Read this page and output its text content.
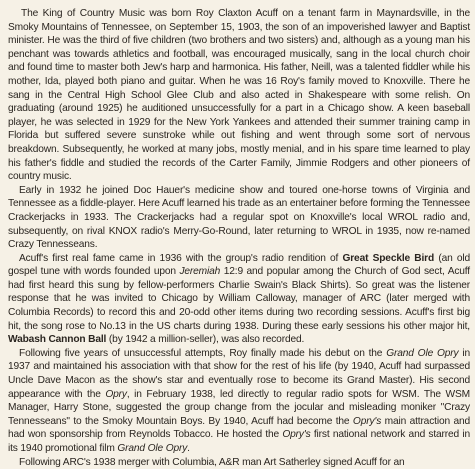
The King of Country Music was born Roy Claxton Acuff on a tenant farm in Maynardsville, in the Smoky Mountains of Tennessee, on September 15, 1903, the son of an impoverished lawyer and Baptist minister. He was the third of five children (two brothers and two sisters) and, although as a young man his penchant was towards athletics and football, was encouraged musically, sang in the local church choir and found time to master both Jew's harp and harmonica. His father, Neill, was a talented fiddler while his mother, Ida, played both piano and guitar. When he was 16 Roy's family moved to Knoxville. There he sang in the Central High School Glee Club and also acted in Shakespeare with some relish. On graduating (around 1925) he auditioned unsuccessfully for a part in a Chicago show. A keen baseball player, he was selected in 1929 for the New York Yankees and attended their summer training camp in Florida but suffered severe sunstroke while out fishing and went through some sort of nervous breakdown. Subsequently, he worked at many jobs, mostly menial, and in his spare time learned to play his father's fiddle and studied the records of the Carter Family, Jimmie Rodgers and other pioneers of country music.

Early in 1932 he joined Doc Hauer's medicine show and toured one-horse towns of Virginia and Tennessee as a fiddle-player. Here Acuff learned his trade as an entertainer before forming the Tennessee Crackerjacks in 1933. The Crackerjacks had a regular spot on Knoxville's local WROL radio and, subsequently, on rival KNOX radio's Merry-Go-Round, later returning to WROL in 1935, now re-named Crazy Tennesseans.

Acuff's first real fame came in 1936 with the group's radio rendition of Great Speckle Bird (an old gospel tune with words founded upon Jeremiah 12:9 and popular among the Church of God sect, Acuff had first heard this sung by fellow-performers Charlie Swain's Black Shirts). So great was the listener response that he was invited to Chicago by William Calloway, manager of ARC (later merged with Columbia Records) to record this and 20-odd other items during two recording sessions. Acuff's first big hit, the song rose to No.13 in the US charts during 1938. During these early sessions his other major hit, Wabash Cannon Ball (by 1942 a million-seller), was also recorded.

Following five years of unsuccessful attempts, Roy finally made his debut on the Grand Ole Opry in 1937 and maintained his association with that show for the rest of his life (by 1940, Acuff had surpassed Uncle Dave Macon as the show's star and eventually rose to become its Grand Master). His second appearance with the Opry, in February 1938, led directly to regular radio spots for WSM. The WSM Manager, Harry Stone, suggested the group change from the jocular and misleading moniker "Crazy Tennesseans" to the Smoky Mountain Boys. By 1940, Acuff had become the Opry's main attraction and had won sponsorship from Reynolds Tobacco. He hosted the Opry's first national network and starred in its 1940 promotional film Grand Ole Opry.

Following ARC's 1938 merger with Columbia, A&R man Art Satherley signed Acuff for an
